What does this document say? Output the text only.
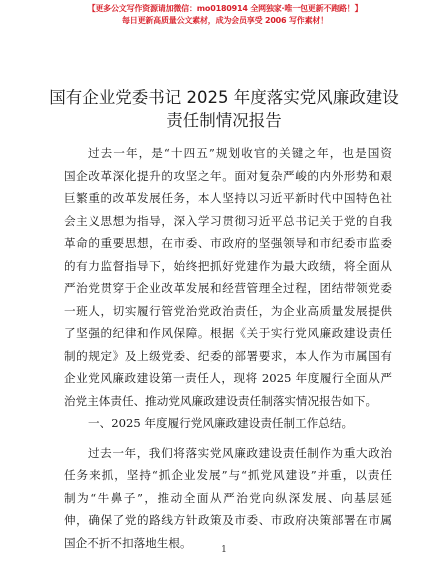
【更多公文写作资源请加微信：mo0180914 全网独家·唯一包更新不跑路！】
每日更新高质量公文素材，成为会员享受 2006 写作素材！
国有企业党委书记 2025 年度落实党风廉政建设
责任制情况报告
过去一年，是“十四五”规划收官的关键之年，也是国资
国企改革深化提升的攻坚之年。面对复杂严峻的内外形势和艰
巨繁重的改革发展任务，本人坚持以习近平新时代中国特色社
会主义思想为指导，深入学习贯彻习近平总书记关于党的自我
革命的重要思想，在市委、市政府的坚强领导和市纪委市监委
的有力监督指导下，始终把抓好党建作为最大政绩，将全面从
严治党贯穿于企业改革发展和经营管理全过程，团结带领党委
一班人，切实履行管党治党政治责任，为企业高质量发展提供
了坚强的纪律和作风保障。根据《关于实行党风廉政建设责任
制的规定》及上级党委、纪委的部署要求，本人作为市属国有
企业党风廉政建设第一责任人，现将 2025 年度履行全面从严
治党主体责任、推动党风廉政建设责任制落实情况报告如下。
一、2025 年度履行党风廉政建设责任制工作总结。
过去一年，我们将落实党风廉政建设责任制作为重大政治
任务来抓，坚持“抓企业发展”与“抓党风建设”并重，以责任
制为“牛鼻子”，推动全面从严治党向纵深发展、向基层延
伸，确保了党的路线方针政策及市委、市政府决策部署在市属
国企不折不扣落地生根。
1
